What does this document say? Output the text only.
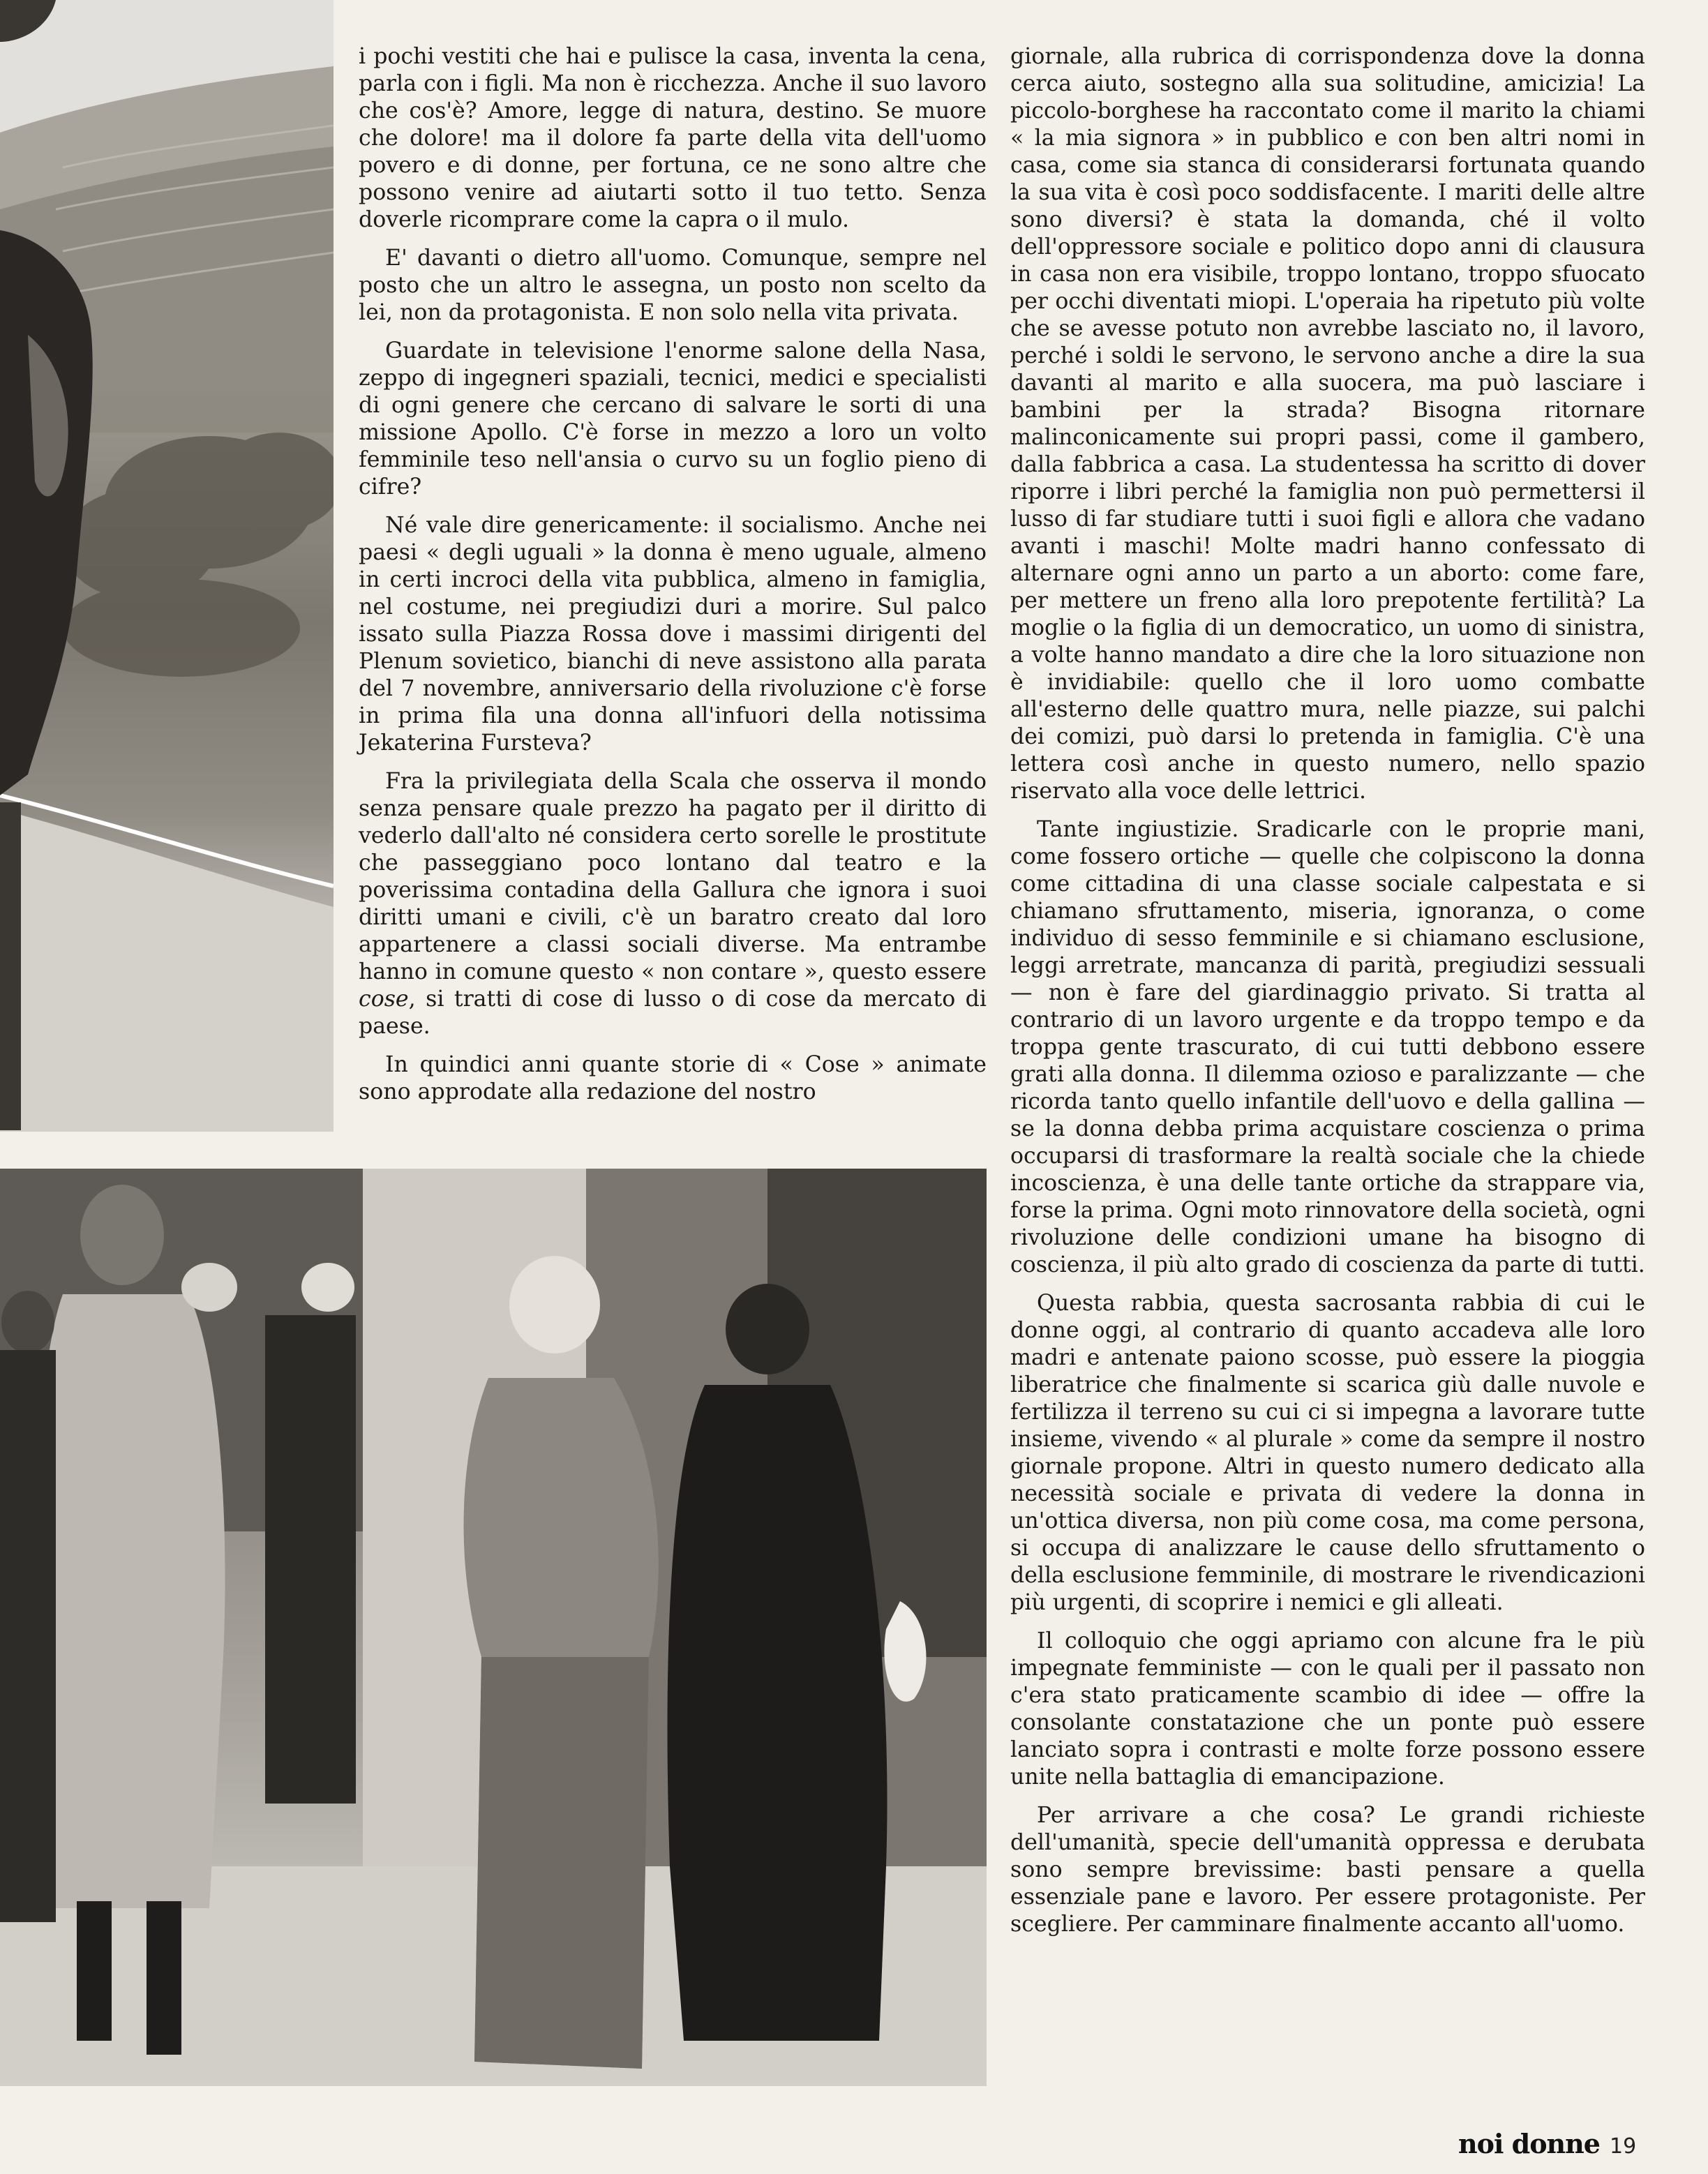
i pochi vestiti che hai e pulisce la casa, inventa la cena, parla con i figli. Ma non è ricchezza. Anche il suo lavoro che cos'è? Amore, legge di natura, destino. Se muore che dolore! ma il dolore fa parte della vita dell'uomo povero e di donne, per fortuna, ce ne sono altre che possono venire ad aiutarti sotto il tuo tetto. Senza doverle ricomprare come la capra o il mulo.

E' davanti o dietro all'uomo. Comunque, sempre nel posto che un altro le assegna, un posto non scelto da lei, non da protagonista. E non solo nella vita privata.

Guardate in televisione l'enorme salone della Nasa, zeppo di ingegneri spaziali, tecnici, medici e specialisti di ogni genere che cercano di salvare le sorti di una missione Apollo. C'è forse in mezzo a loro un volto femminile teso nell'ansia o curvo su un foglio pieno di cifre?

Né vale dire genericamente: il socialismo. Anche nei paesi « degli uguali » la donna è meno uguale, almeno in certi incroci della vita pubblica, almeno in famiglia, nel costume, nei pregiudizi duri a morire. Sul palco issato sulla Piazza Rossa dove i massimi dirigenti del Plenum sovietico, bianchi di neve assistono alla parata del 7 novembre, anniversario della rivoluzione c'è forse in prima fila una donna all'infuori della notissima Jekaterina Fursteva?

Fra la privilegiata della Scala che osserva il mondo senza pensare quale prezzo ha pagato per il diritto di vederlo dall'alto né considera certo sorelle le prostitute che passeggiano poco lontano dal teatro e la poverissima contadina della Gallura che ignora i suoi diritti umani e civili, c'è un baratro creato dal loro appartenere a classi sociali diverse. Ma entrambe hanno in comune questo « non contare », questo essere cose, si tratti di cose di lusso o di cose da mercato di paese.

In quindici anni quante storie di « Cose » animate sono approdate alla redazione del nostro

giornale, alla rubrica di corrispondenza dove la donna cerca aiuto, sostegno alla sua solitudine, amicizia! La piccolo-borghese ha raccontato come il marito la chiami « la mia signora » in pubblico e con ben altri nomi in casa, come sia stanca di considerarsi fortunata quando la sua vita è così poco soddisfacente. I mariti delle altre sono diversi? è stata la domanda, ché il volto dell'oppressore sociale e politico dopo anni di clausura in casa non era visibile, troppo lontano, troppo sfuocato per occhi diventati miopi. L'operaia ha ripetuto più volte che se avesse potuto non avrebbe lasciato no, il lavoro, perché i soldi le servono, le servono anche a dire la sua davanti al marito e alla suocera, ma può lasciare i bambini per la strada? Bisogna ritornare malinconicamente sui propri passi, come il gambero, dalla fabbrica a casa. La studentessa ha scritto di dover riporre i libri perché la famiglia non può permettersi il lusso di far studiare tutti i suoi figli e allora che vadano avanti i maschi! Molte madri hanno confessato di alternare ogni anno un parto a un aborto: come fare, per mettere un freno alla loro prepotente fertilità? La moglie o la figlia di un democratico, un uomo di sinistra, a volte hanno mandato a dire che la loro situazione non è invidiabile: quello che il loro uomo combatte all'esterno delle quattro mura, nelle piazze, sui palchi dei comizi, può darsi lo pretenda in famiglia. C'è una lettera così anche in questo numero, nello spazio riservato alla voce delle lettrici.

Tante ingiustizie. Sradicarle con le proprie mani, come fossero ortiche — quelle che colpiscono la donna come cittadina di una classe sociale calpestata e si chiamano sfruttamento, miseria, ignoranza, o come individuo di sesso femminile e si chiamano esclusione, leggi arretrate, mancanza di parità, pregiudizi sessuali — non è fare del giardinaggio privato. Si tratta al contrario di un lavoro urgente e da troppo tempo e da troppa gente trascurato, di cui tutti debbono essere grati alla donna. Il dilemma ozioso e paralizzante — che ricorda tanto quello infantile dell'uovo e della gallina — se la donna debba prima acquistare coscienza o prima occuparsi di trasformare la realtà sociale che la chiede incoscienza, è una delle tante ortiche da strappare via, forse la prima. Ogni moto rinnovatore della società, ogni rivoluzione delle condizioni umane ha bisogno di coscienza, il più alto grado di coscienza da parte di tutti.

Questa rabbia, questa sacrosanta rabbia di cui le donne oggi, al contrario di quanto accadeva alle loro madri e antenate paiono scosse, può essere la pioggia liberatrice che finalmente si scarica giù dalle nuvole e fertilizza il terreno su cui ci si impegna a lavorare tutte insieme, vivendo « al plurale » come da sempre il nostro giornale propone. Altri in questo numero dedicato alla necessità sociale e privata di vedere la donna in un'ottica diversa, non più come cosa, ma come persona, si occupa di analizzare le cause dello sfruttamento o della esclusione femminile, di mostrare le rivendicazioni più urgenti, di scoprire i nemici e gli alleati.

Il colloquio che oggi apriamo con alcune fra le più impegnate femministe — con le quali per il passato non c'era stato praticamente scambio di idee — offre la consolante constatazione che un ponte può essere lanciato sopra i contrasti e molte forze possono essere unite nella battaglia di emancipazione.

Per arrivare a che cosa? Le grandi richieste dell'umanità, specie dell'umanità oppressa e derubata sono sempre brevissime: basti pensare a quella essenziale pane e lavoro. Per essere protagoniste. Per scegliere. Per camminare finalmente accanto all'uomo.

noi donne 19
